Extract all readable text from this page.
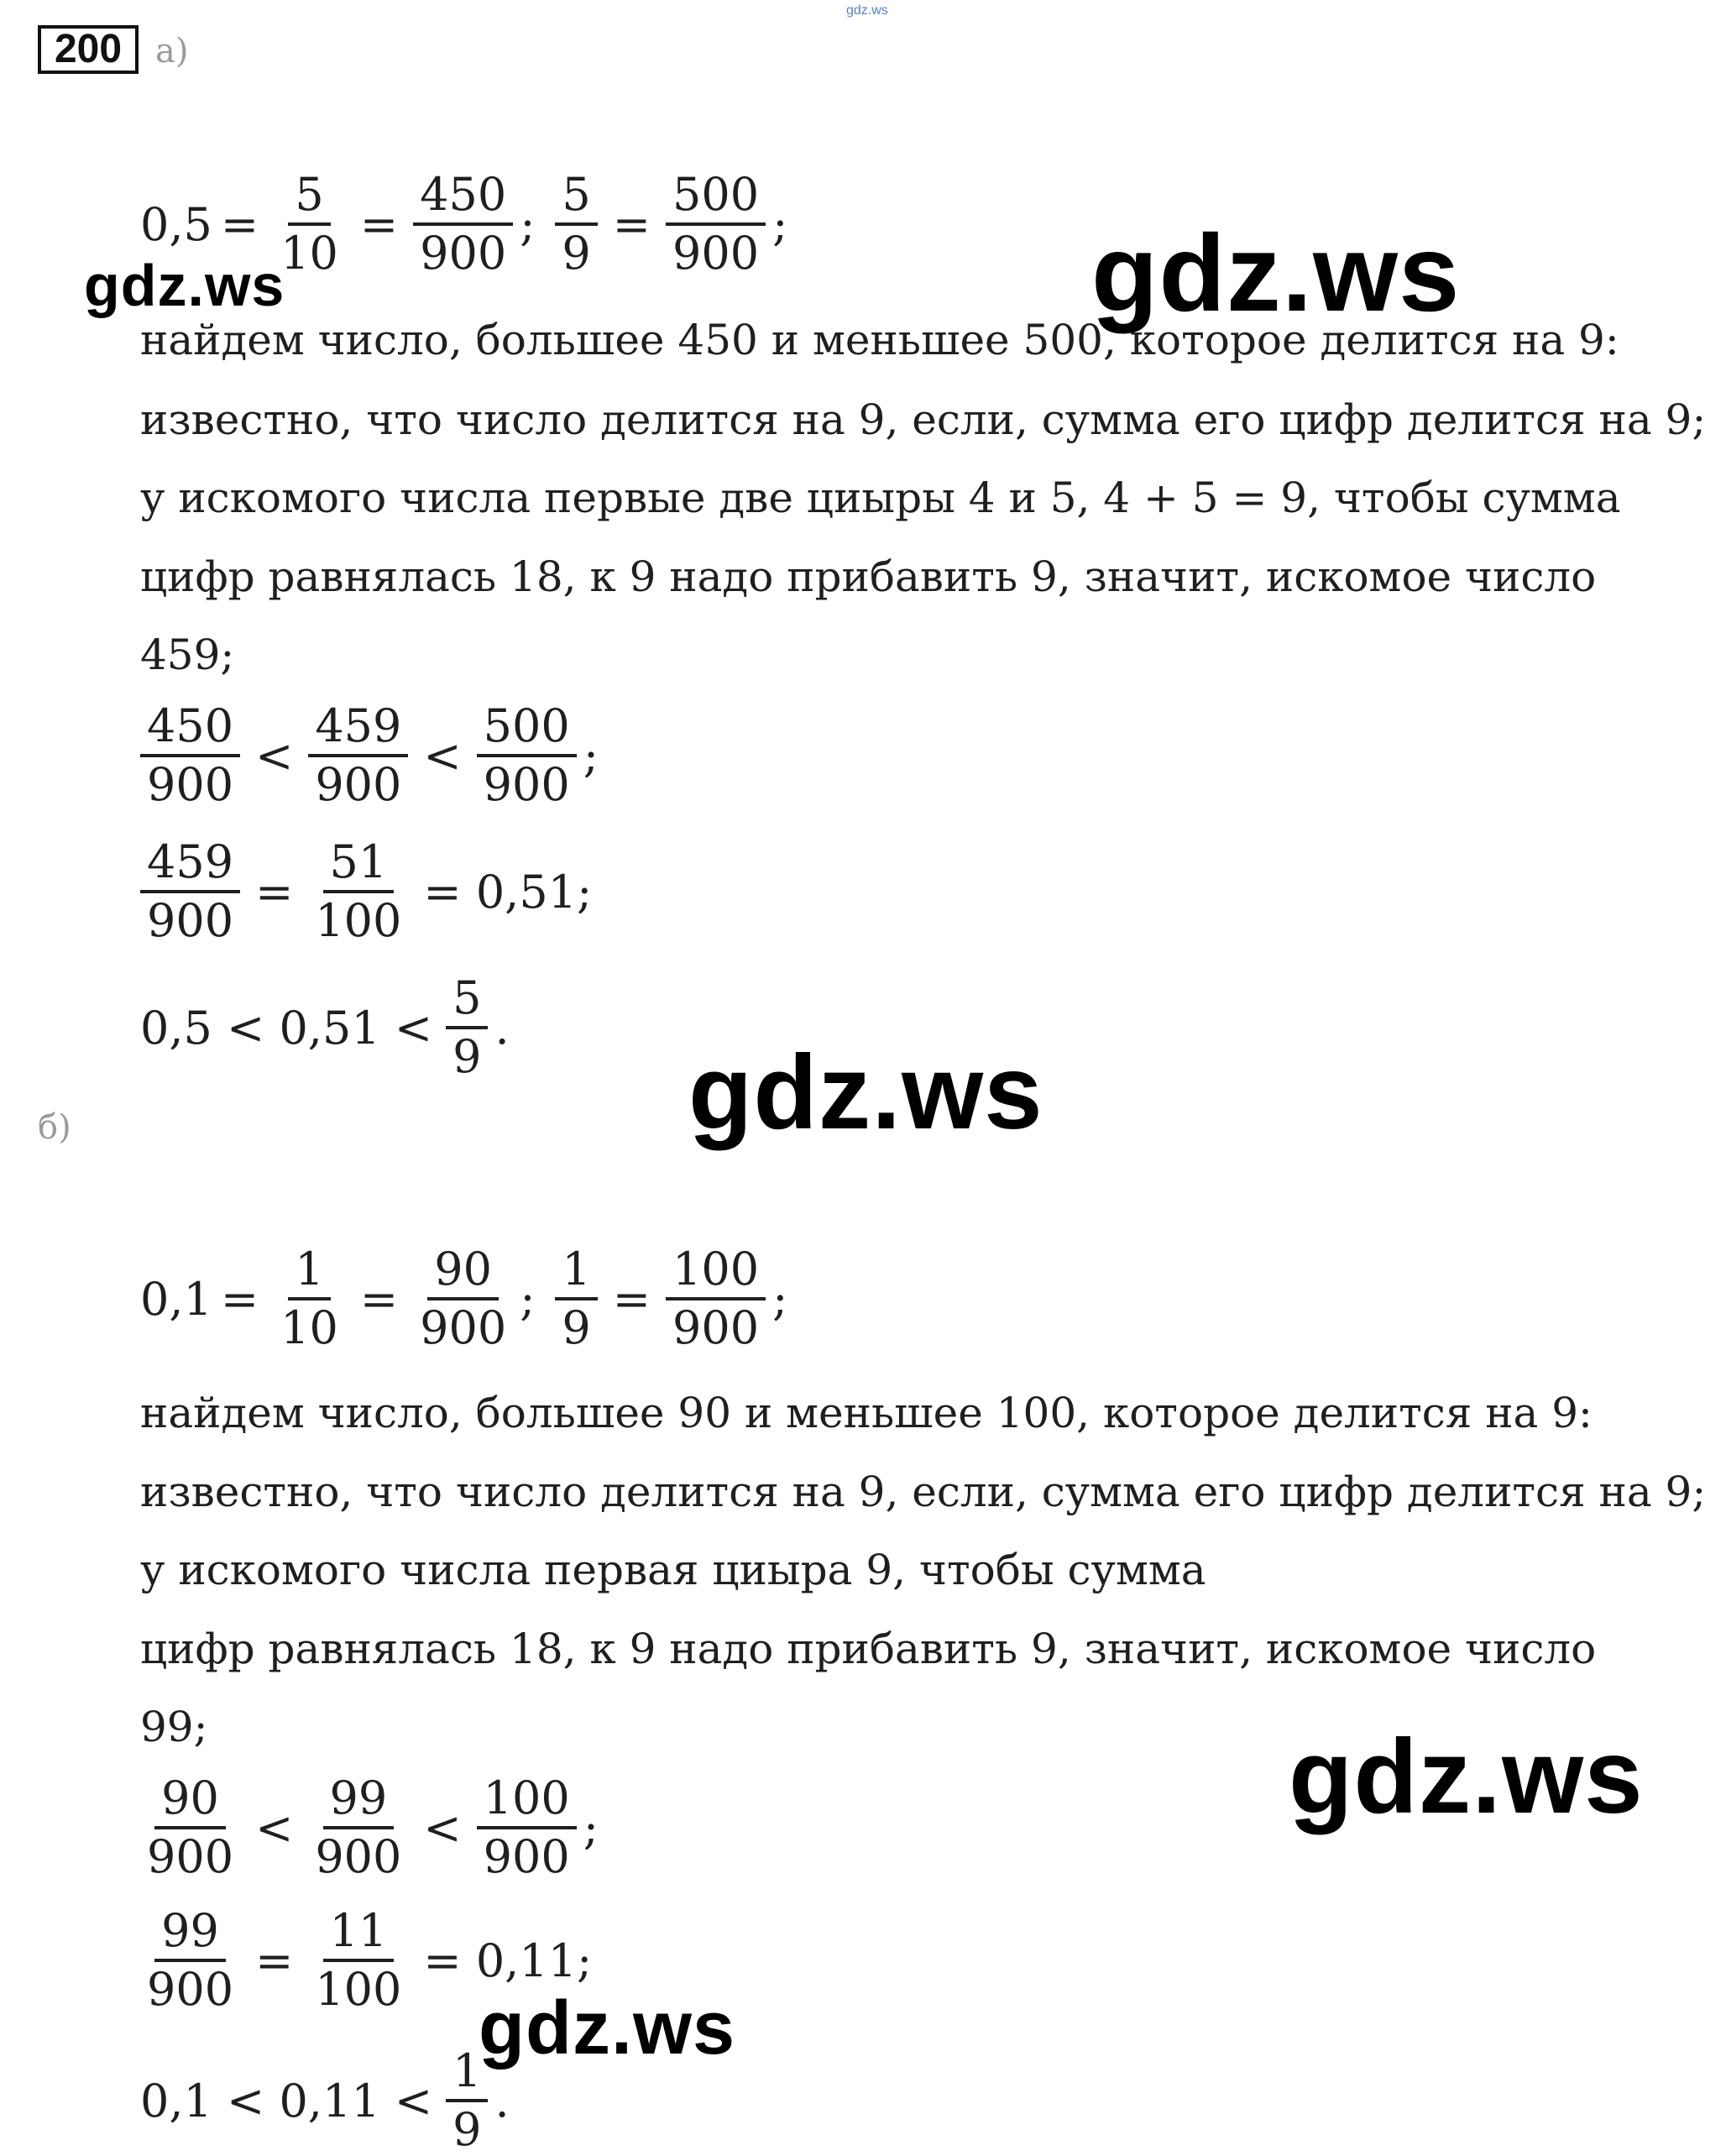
gdz.ws
200 а)
$0,5 = \frac{5}{10} = \frac{450}{900}$ ; $\frac{5}{9} = \frac{500}{900}$ ;
найдем число, большее 450 и меньшее 500, которое делится на 9:
известно, что число делится на 9, если, сумма его цифр делится на 9;
у искомого числа первые две циыры 4 и 5, 4 + 5 = 9, чтобы сумма
цифр равнялась 18, к 9 надо прибавить 9, значит, искомое число
459;
$\frac{450}{900} < \frac{459}{900} < \frac{500}{900}$ ;
$\frac{459}{900} = \frac{51}{100} = 0,51$;
$0,5 < 0,51 < \frac{5}{9}$ .
б)
$0,1 = \frac{1}{10} = \frac{90}{900}$ ; $\frac{1}{9} = \frac{100}{900}$ ;
найдем число, большее 90 и меньшее 100, которое делится на 9:
известно, что число делится на 9, если, сумма его цифр делится на 9;
у искомого числа первая циыра 9, чтобы сумма
цифр равнялась 18, к 9 надо прибавить 9, значит, искомое число
99;
$\frac{90}{900} < \frac{99}{900} < \frac{100}{900}$ ;
$\frac{99}{900} = \frac{11}{100} = 0,11$;
$0,1 < 0,11 < \frac{1}{9}$ .
gdz.ws	gdz.ws
gdz.ws
gdz.ws
gdz.ws
